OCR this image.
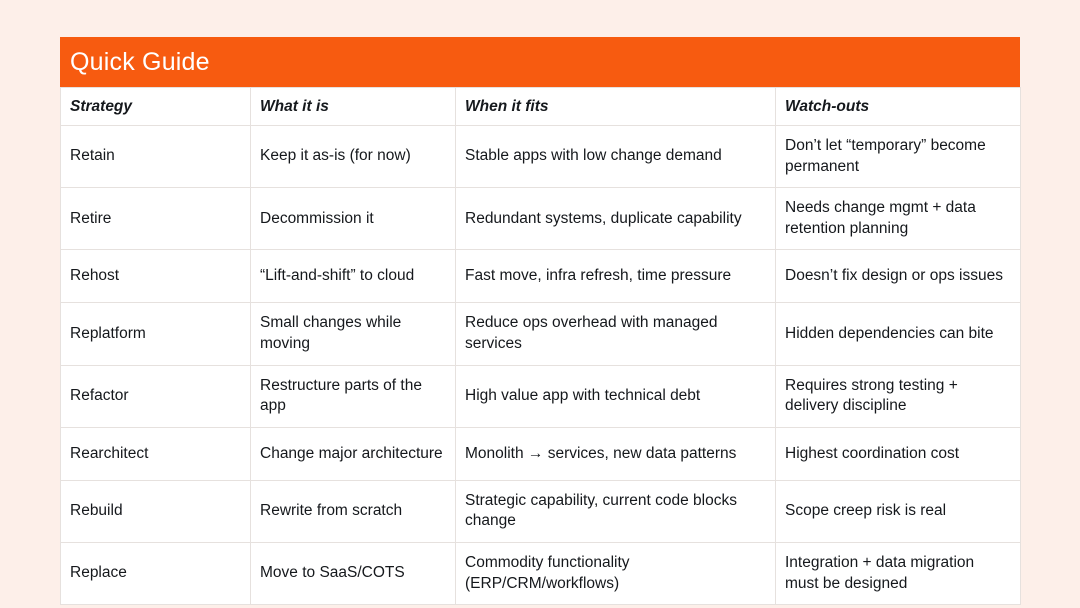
Quick Guide
Strategy	What it is	When it fits	Watch-outs
Retain	Keep it as-is (for now)	Stable apps with low change demand	Don’t let “temporary” become permanent
Retire	Decommission it	Redundant systems, duplicate capability	Needs change mgmt + data retention planning
Rehost	“Lift-and-shift” to cloud	Fast move, infra refresh, time pressure	Doesn’t fix design or ops issues
Replatform	Small changes while moving	Reduce ops overhead with managed services	Hidden dependencies can bite
Refactor	Restructure parts of the app	High value app with technical debt	Requires strong testing + delivery discipline
Rearchitect	Change major architecture	Monolith → services, new data patterns	Highest coordination cost
Rebuild	Rewrite from scratch	Strategic capability, current code blocks change	Scope creep risk is real
Replace	Move to SaaS/COTS	Commodity functionality (ERP/CRM/workflows)	Integration + data migration must be designed
